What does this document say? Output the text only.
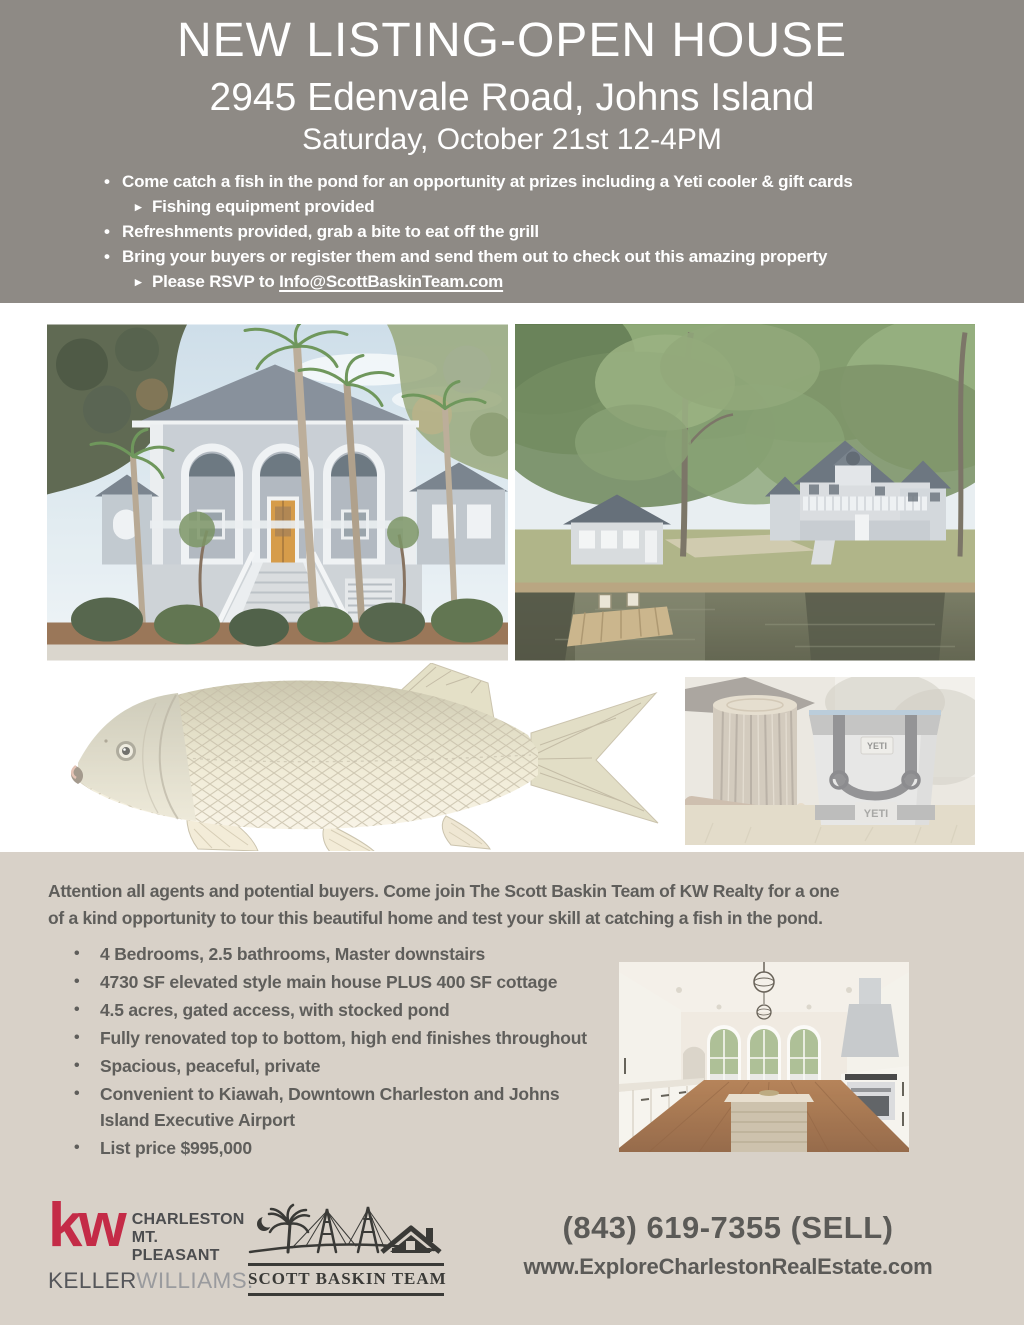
NEW LISTING-OPEN HOUSE
2945 Edenvale Road, Johns Island
Saturday, October 21st 12-4PM
• Come catch a fish in the pond for an opportunity at prizes including a Yeti cooler & gift cards
▸ Fishing equipment provided
• Refreshments provided, grab a bite to eat off the grill
• Bring your buyers or register them and send them out to check out this amazing property
▸ Please RSVP to Info@ScottBaskinTeam.com
YETI
YETI

Attention all agents and potential buyers. Come join The Scott Baskin Team of KW Realty for a one
of a kind opportunity to tour this beautiful home and test your skill at catching a fish in the pond.

•	4 Bedrooms, 2.5 bathrooms, Master downstairs
•	4730 SF elevated style main house PLUS 400 SF cottage
•	4.5 acres, gated access, with stocked pond
•	Fully renovated top to bottom, high end finishes throughout
•	Spacious, peaceful, private
•	Convenient to Kiawah, Downtown Charleston and Johns Island Executive Airport
•	List price $995,000
kw CHARLESTON
MT. PLEASANT
KELLERWILLIAMS.
SCOTT BASKIN TEAM
(843) 619-7355 (SELL)
www.ExploreCharlestonRealEstate.com
